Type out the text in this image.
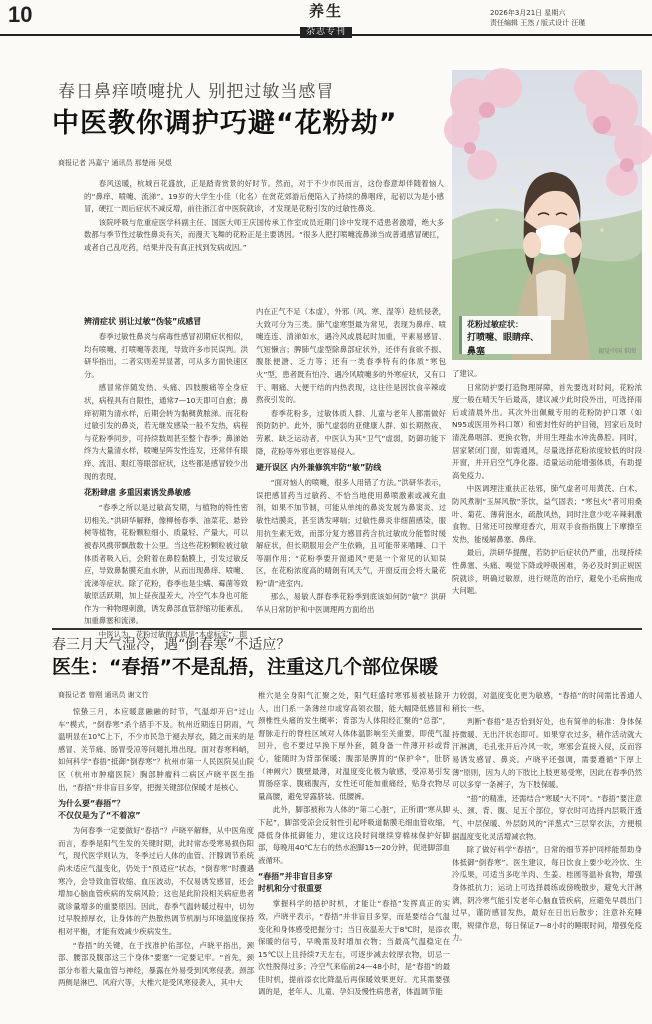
10	养生
杂志专刊
2026年3月21日 星期六
责任编辑 王然 / 版式设计 汪瑾
春日鼻痒喷嚏扰人 别把过敏当感冒
中医教你调护巧避“花粉劫”
商报记者 冯嘉宁 通讯员 那楚雨 吴煜

春风送暖，杭城百花盛放，正是踏青赏景的好时节。然而，对于不少市民而言，这份春意却伴随着恼人的“鼻痒、喷嚏、流涕”。19岁的大学生小佳（化名）在赏花郊游后便陷入了持续的鼻咽痒，起初以为是小感冒，硬扛一周后症状不减反增，前往浙江省中医院就诊，才发现是花粉引发的过敏性鼻炎。

该院呼吸与危重症医学科副主任、国医大师王庆国传承工作室成员近期门诊中发现不适患者激增，绝大多数都与季节性过敏性鼻炎有关，而漫天飞舞的花粉正是主要诱因。“很多人把打喷嚏流鼻涕当成普通感冒硬扛，或者自己乱吃药，结果并没有真正找到发病成因。”

辨清症状 别让过敏“伪装”成感冒

春季过敏性鼻炎与病毒性感冒初期症状相似，均有喷嚏、打喷嚏等表现，导致许多市民误判。洪研华指出，二者实则差异显著，可从多方面快速区分。

感冒常伴随发热、头痛、四肢酸痛等全身症状，病程具有自限性，通常7—10天即可自愈；鼻痒初期为清水样，后期会转为黏稠黄脓涕。而花粉过敏引发的鼻炎，若无继发感染一般不发热，病程与花粉季同步，可持续数周甚至整个春季；鼻涕始终为大量清水样，喷嚏呈阵发性连发，还常伴有眼痒、流泪、眼红等眼部症状，这些都是感冒较少出现的表现。

花粉肆虐 多重因素诱发鼻敏感

“春季之所以是过敏高发期，与植物的特性密切相关。”洪研华解释，像柳杨春季、油菜花、悬铃树等植物，花粉颗粒细小、质量轻、产量大，可以被春风携带飘散数十公里。当这些花粉颗粒被过敏体质者吸入后，会附着在鼻腔黏膜上，引发过敏反应，导致鼻黏膜充血水肿，从而出现鼻痒、喷嚏、流涕等症状。除了花粉，春季也是尘螨、霉菌等致敏原活跃期，加上昼夜温差大，冷空气本身也可能作为一种物理刺激，诱发鼻部血管舒缩功能紊乱，加重鼻塞和流涕。

中医认为，花粉过敏的本质是“本虚标实”，即

内在正气不足（本虚），外邪（风、寒、湿等）趁机侵袭，大致可分为三类。肺气虚寒型最为常见，表现为鼻痒、喷嚏连连、清涕如水，遇冷风或晨起时加重，平素易感冒、气短懒言；脾肺气虚型除鼻部症状外，还伴有食欲不振、腹胀便溏、乏力等；还有一类春季特有的体质“寒包火”型，患者既有怕冷、遇冷风喷嚏多的外寒症状，又有口干、咽痛、大便干结的内热表现，这往往是因饮食辛辣或熬夜引发的。

春季花粉多，过敏体质人群、儿童与老年人都需做好预防防护。此外，肺气虚弱的亚健康人群、如长期熬夜、劳累、缺乏运动者，中医认为其“卫气”虚弱，防御功能下降，花粉等外邪也更容易侵入。

避开误区 内外兼修筑牢防“敏”防线

“面对恼人的喷嚏，很多人用错了方法。”洪研华表示，误把感冒药当过敏药、不恰当地使用鼻喷激素或减充血剂，如果不加节制，可能从单纯的鼻炎发展为鼻窦炎、过敏性结膜炎，甚至诱发哮喘；过敏性鼻炎非细菌感染，服用抗生素无效，而部分复方感冒药含抗过敏成分能暂时缓解症状，但长期服用会产生依赖，且可能带来嗜睡、口干等副作用；“花粉季要开窗通风”更是一个常见的认知误区，在花粉浓度高的晴朗有风天气，开窗反而会将大量花粉“请”进室内。

那么，易敏人群春季花粉季到底该如何防“敏”？洪研华从日常防护和中医调理两方面给出

视觉中国 供图
花粉过敏症状：
打喷嚏、眼睛痒、鼻塞

了建议。

日常防护要打造物理屏障，首先要选对时间，花粉浓度一般在晴天午后最高，建议减少此时段外出，可选择雨后或清晨外出。其次外出佩戴专用的花粉防护口罩（如N95或医用外科口罩）和密封性好的护目镜，回家后及时清洗鼻咽部、更换衣物，并用生理盐水冲洗鼻腔。同时，居家紧闭门窗，如需通风，尽量选择花粉浓度较低的时段开窗，并开启空气净化器。适量运动能增强体质，有助提高免疫力。

中医调理注重扶正祛邪，肺气虚者可用黄芪、白术、防风煮制“玉屏风散”茶饮，益气固表；“寒包火”者可用桑叶、菊花、薄荷泡水，疏散风热，同时注意少吃辛辣刺激食物。日常还可按摩迎香穴，用双手食指指腹上下摩擦至发热，能缓解鼻塞、鼻痒。

最后，洪研华提醒，若防护后症状仍严重，出现持续性鼻塞、头痛、嗅觉下降或呼吸困难，务必及时到正规医院就诊，明确过敏原，进行规范的治疗，避免小毛病拖成大问题。

春三月天气湿冷，遇“倒春寒”不适应？
医生：“春捂”不是乱捂，注重这几个部位保暖
商报记者 曾刚 通讯员 谢文竹

惊蛰三月，本应暖意融融的时节，气温却开启“过山车”模式，“倒春寒”杀个措手不及。杭州近期连日阴雨，气温明显在10℃上下，不少市民急于褪去厚衣，随之而来的是感冒、关节痛、肠胃受凉等问题扎堆出现。面对春寒料峭，如何科学“春捂”抵御“倒春寒”？杭州市第一人民医院吴山院区（杭州市肿瘤医院）胸部肿瘤科二病区卢晓平医生指出，“春捂”并非盲目多穿，把握关键部位保暖才是核心。

为什么要“春捂”？
不仅仅是为了“不着凉”

为何春季一定要做好“春捂”？卢晓平解释，从中医角度而言，春季是阳气生发的关键时期，此时常态受寒易损伤阳气，现代医学则认为，冬季过后人体的血管、汗腺调节系统尚未适应气温变化，仍处于“预适应”状态，“倒春寒”时骤遇寒冷，会导致血管收缩、血压波动，不仅易诱发感冒，还会增加心脑血管疾病的发病风险；这也是此阶段相关病症患者就诊量增多的重要原因。因此，春季气温转暖过程中，切勿过早脱掉厚衣，让身体的产热散热调节机制与环境温度保持相对平衡，才能有效减少疾病发生。

“春捂”的关键，在于找准护佑部位，卢晓平指出，颈部、腰部及腹部这三个身体“要塞”一定要记牢。“首先，颈部分布着大量血管与神经，暴露在外易受到风寒侵袭。颈部两侧是淋巴、风府穴等，大椎穴是受风寒侵袭入，其中大

椎穴是全身阳气汇聚之处，阳气旺盛时寒邪易被袪除开人，出门系一条薄丝巾或穿高领衣服，能大幅降低感冒和颈椎性头痛的发生概率；背部为人体阳经汇聚的“总部”，督脉走行的脊柱区域对人体体温影响至关重要，即使气温回升，也不要过早换下厚外套，随身备一件薄开衫或背心，能随时为背部保暖；腹部是脾胃的“保护伞”，肚脐（神阙穴）腹壁最薄，对温度变化极为敏感，受凉易引发胃肠痉挛、腹痛腹泻，女性还可能加重痛经，贴身衣物尽量高腰，避免穿露脐装、低腰裤。

此外，脚部被称为人体的“第二心脏”，正所谓“寒从脚下起”，脚部受凉会反射性引起呼吸道黏膜毛细血管收缩，降低身体抵御能力，建议这段时间继续穿棉袜保护好脚部，每晚用40℃左右的热水泡脚15—20分钟，促进脚部血液循环。

“春捂”并非盲目多穿
时机和分寸很重要

掌握科学的捂护时机，才能让“春捂”发挥真正的实效，卢晓平表示，“春捂”并非盲目多穿，而是要结合气温变化和身体感受把握分寸；当日夜温差大于8℃时，是添衣保暖的信号，早晚需及时增加衣物；当最高气温稳定在15℃以上且持续7天左右，可逐步减去较厚衣物，切忌一次性脱得过多；冷空气来临前24—48小时，是“春捂”的最佳时机，提前添衣比降温后再保暖效果更好。尤其需要强调的是，老年人、儿童、孕妇及慢性病患者，体温调节能

力较弱，对温度变化更为敏感，“春捂”的时间需比普通人稍长一些。

判断“春捂”是否恰到好处，也有简单的标准：身体保持微暖、无出汗状态即可。如果穿衣过多，稍作活动就大汗淋漓，毛孔张开后冷风一吹，寒邪会直接入侵，反而容易诱发感冒、鼻炎。卢晓平还强调，需要遵循“下厚上薄”原则，因为人的下肢比上肢更易受寒，因此在春季仍然可以多穿一条裤子，为下肢保暖。

“捂”的精准，还需结合“寒暖“大不同”。“春捂”要注意头、颈、背、腹、足五个部位，穿衣时可选择内层吸汗透气、中层保暖、外层防风的“洋葱式”三层穿衣法，方便根据温度变化灵活增减衣物。

除了做好科学“春捂”，日常的细节养护同样能帮助身体抵御“倒春寒”。医生建议，每日饮食上要少吃冷饮、生冷瓜果，可适当多吃羊肉、生姜、桂圆等温补食物，增强身体抵抗力；运动上可选择晨练或傍晚散步，避免大汗淋漓，阴冷寒气能引发老年心脑血管疾病，应避免早晨出门过早，谨防感冒发热，最好在日出后散步；注意补充睡眠，规律作息，每日保证7—8小时的睡眠时间，增强免疫力。
